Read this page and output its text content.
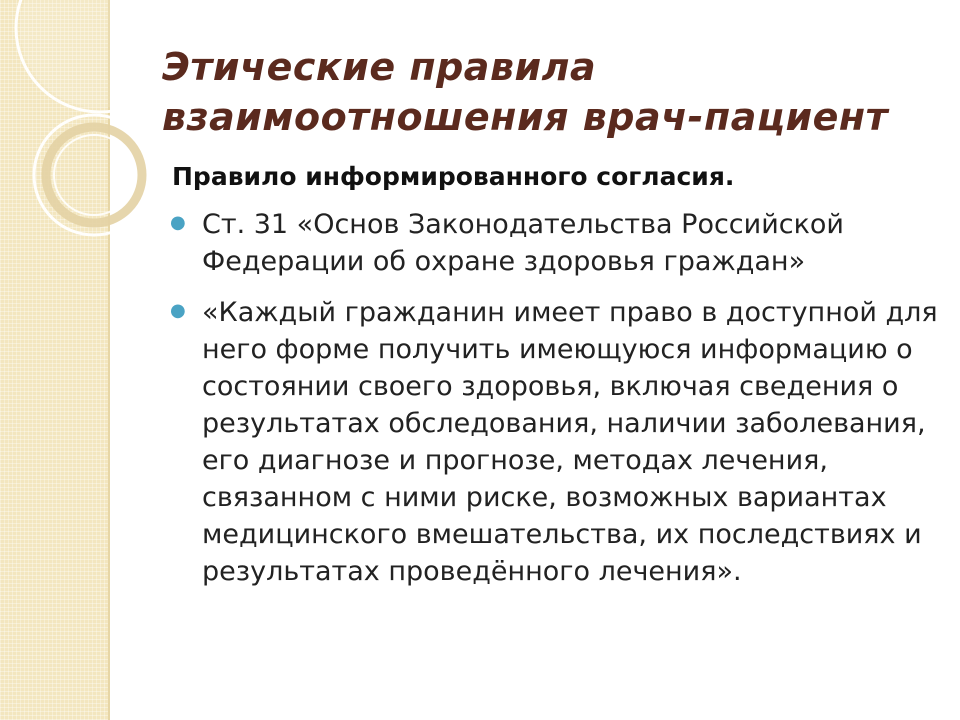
Этические правила
взаимоотношения врач-пациент

Правило информированного согласия.

● Ст. 31 «Основ Законодательства Российской Федерации об охране здоровья граждан»
● «Каждый гражданин имеет право в доступной для него форме получить имеющуюся информацию о состоянии своего здоровья, включая сведения о результатах обследования, наличии заболевания, его диагнозе и прогнозе, методах лечения, связанном с ними риске, возможных вариантах медицинского вмешательства, их последствиях и результатах проведённого лечения».
